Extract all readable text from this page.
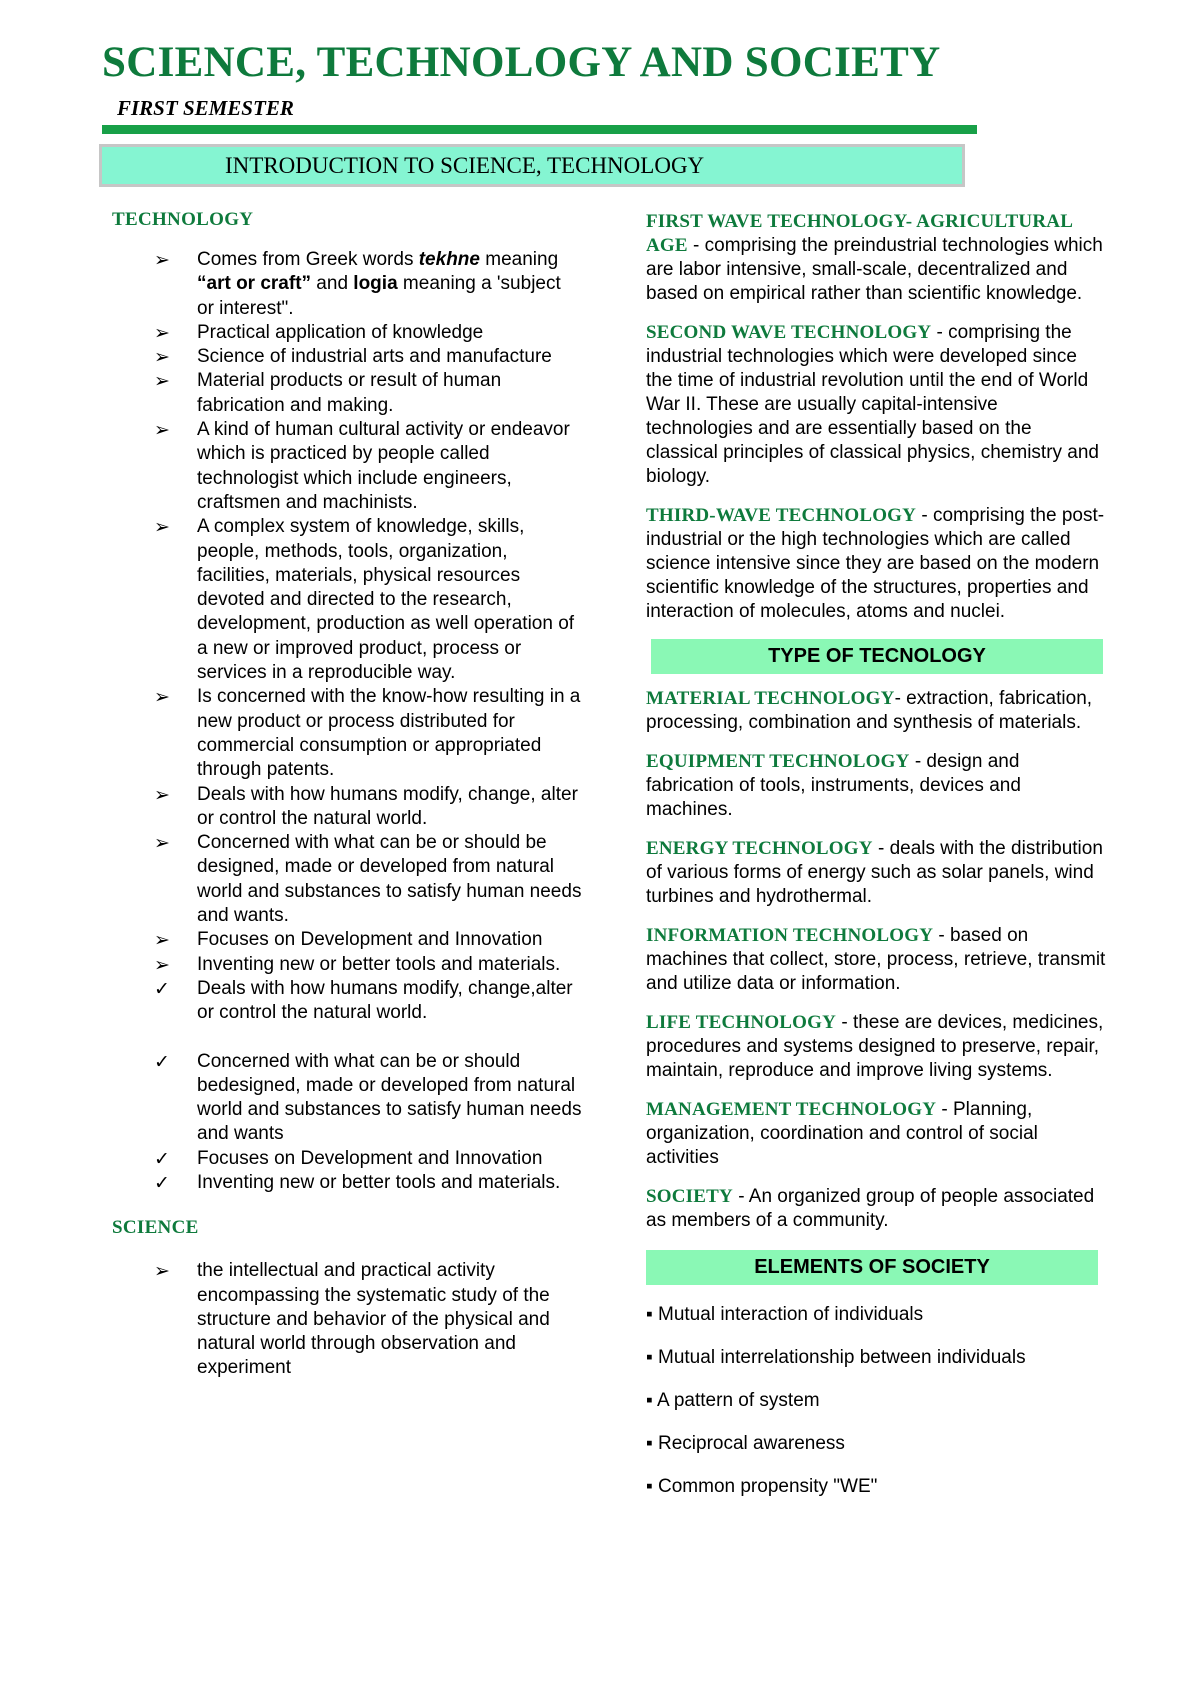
SCIENCE, TECHNOLOGY AND SOCIETY
FIRST SEMESTER
INTRODUCTION TO SCIENCE, TECHNOLOGY
TECHNOLOGY
➢ Comes from Greek words tekhne meaning “art or craft” and logia meaning a 'subject or interest".
➢ Practical application of knowledge
➢ Science of industrial arts and manufacture
➢ Material products or result of human fabrication and making.
➢ A kind of human cultural activity or endeavor which is practiced by people called technologist which include engineers, craftsmen and machinists.
➢ A complex system of knowledge, skills, people, methods, tools, organization, facilities, materials, physical resources devoted and directed to the research, development, production as well operation of a new or improved product, process or services in a reproducible way.
➢ Is concerned with the know-how resulting in a new product or process distributed for commercial consumption or appropriated through patents.
➢ Deals with how humans modify, change, alter or control the natural world.
➢ Concerned with what can be or should be designed, made or developed from natural world and substances to satisfy human needs and wants.
➢ Focuses on Development and Innovation
➢ Inventing new or better tools and materials.
✓ Deals with how humans modify, change,alter or control the natural world.
✓ Concerned with what can be or should bedesigned, made or developed from natural world and substances to satisfy human needs and wants
✓ Focuses on Development and Innovation
✓ Inventing new or better tools and materials.
SCIENCE
➢ the intellectual and practical activity encompassing the systematic study of the structure and behavior of the physical and natural world through observation and experiment

FIRST WAVE TECHNOLOGY- AGRICULTURAL AGE - comprising the preindustrial technologies which are labor intensive, small-scale, decentralized and based on empirical rather than scientific knowledge.

SECOND WAVE TECHNOLOGY - comprising the industrial technologies which were developed since the time of industrial revolution until the end of World War II. These are usually capital-intensive technologies and are essentially based on the classical principles of classical physics, chemistry and biology.

THIRD-WAVE TECHNOLOGY - comprising the post-industrial or the high technologies which are called science intensive since they are based on the modern scientific knowledge of the structures, properties and interaction of molecules, atoms and nuclei.

TYPE OF TECNOLOGY

MATERIAL TECHNOLOGY- extraction, fabrication, processing, combination and synthesis of materials.

EQUIPMENT TECHNOLOGY - design and fabrication of tools, instruments, devices and machines.

ENERGY TECHNOLOGY - deals with the distribution of various forms of energy such as solar panels, wind turbines and hydrothermal.

INFORMATION TECHNOLOGY - based on machines that collect, store, process, retrieve, transmit and utilize data or information.

LIFE TECHNOLOGY - these are devices, medicines, procedures and systems designed to preserve, repair, maintain, reproduce and improve living systems.

MANAGEMENT TECHNOLOGY - Planning, organization, coordination and control of social activities

SOCIETY - An organized group of people associated as members of a community.

ELEMENTS OF SOCIETY
▪ Mutual interaction of individuals
▪ Mutual interrelationship between individuals
▪ A pattern of system
▪ Reciprocal awareness
▪ Common propensity "WE"
